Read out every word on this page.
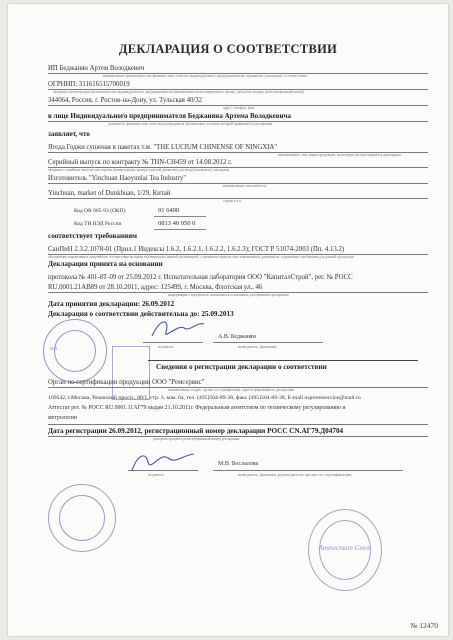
ДЕКЛАРАЦИЯ О СООТВЕТСТВИИ
ИП Беджанян Артем Володкевич
наименование организации или фамилия, имя, отчество индивидуального предпринимателя, принявших декларацию о соответствии
ОГРНИП: 311616515700019
сведения о регистрации организации или индивидуального предпринимателя (наименование регистрирующего органа, дата регистрации, регистрационный номер)
344064, Россия, г. Ростов-на-Дону, ул. Тульская 40/32
адрес, телефон, факс
в лице Индивидуального предпринимателя Беджаняна Артема Володкевича
должность, фамилия, имя, отчество руководителя организации, от имени которой принимается декларация
заявляет, что
Ягода Годжи сушеная в пакетах т.м. "THE LUCIUM CHINENSE OF NINGXIA"
наименование, тип, марка продукции, на которую распространяется декларация
Серийный выпуск по контракту № THN-CH459 от 14.08.2012 г.
сведения о серийном выпуске или партии (номер партии, номера изделий, реквизиты договора (контракта), накладная
Изготовитель "Yinchuan Haoyunlai Tea Industry"
наименование изготовителя,
Yinchuan, market of Dunkhuan, 1/29, Китай
страна и т.п.
Код ОК 005-93 (ОКП)	91 6400
Код ТН ВЭД России	0813 40 950 0
соответствует требованиям
СанПиН 2.3.2.1078-01 (Прил.1 Индексы 1.6.2, 1.6.2.1, 1.6.2.2, 1.6.2.3); ГОСТ Р 51074-2003 (Пп. 4.13.2)
обозначение нормативных документов, соответствие которым подтверждено данной декларацией, с указанием пунктов этих нормативных документов, содержащих требования для данной продукции
Декларация принята на основании
протокола № 401-8Т-09 от 25.09.2012 г. Испытательная лаборатория ООО "КапиталСтрой", рег. № РОСС
RU.0001.21АВ89 от 28.10.2011, адрес: 125499, г. Москва, Флотская ул., 46
информация о документах, являющихся основанием для принятия декларации
Дата принятия декларации: 26.09.2012
Декларация о соответствии действительна до: 25.09.2013
М.П.	подпись
А.В. Беджанян
инициалы, фамилия
Сведения о регистрации декларации о соответствии
Орган по сертификации продукции ООО "Ремсервис"
наименование и адрес органа по сертификации, зарегистрировавшего декларацию
109542, г.Москва, Рязанский просп., 86/1, стр. 3, ком. 6а, тел. (495)504-89-38, факс (495)504-89-38, E-mail osprremservice@mail.ru
Аттестат рег. № РОСС RU.0001.11АГ79 выдан 21.10.2011г. Федеральным агентством по техническому регулированию и
метрологии
Дата регистрации 26.09.2012, регистрационный номер декларации РОСС CN.АГ79.Д04704
дата регистрации и регистрационный номер декларации
подпись
М.В. Бослалова
инициалы, фамилия руководителя органа по сертификации
Аттестат Стоп
№ 12470
